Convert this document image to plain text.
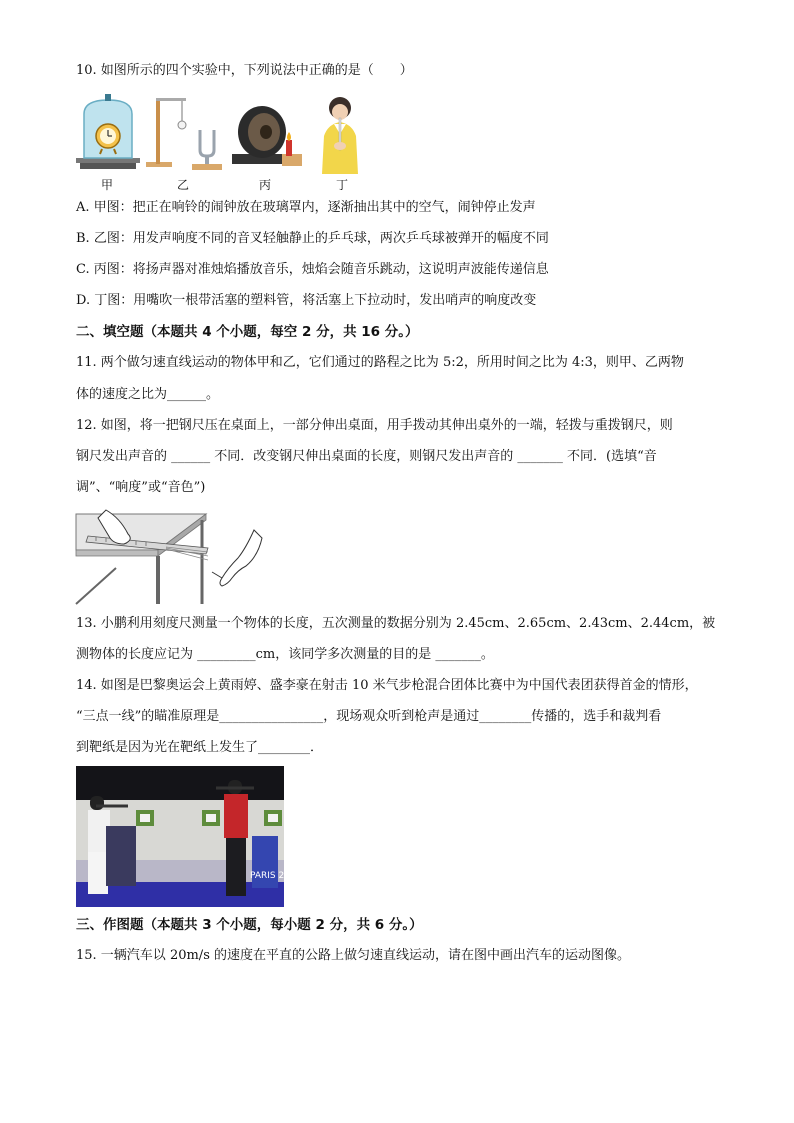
10. 如图所示的四个实验中，下列说法中正确的是（　　）
甲	乙	丙	丁
A. 甲图：把正在响铃的闹钟放在玻璃罩内，逐渐抽出其中的空气，闹钟停止发声
B. 乙图：用发声响度不同的音叉轻触静止的乒乓球，两次乒乓球被弹开的幅度不同
C. 丙图：将扬声器对准烛焰播放音乐，烛焰会随音乐跳动，这说明声波能传递信息
D. 丁图：用嘴吹一根带活塞的塑料管，将活塞上下拉动时，发出哨声的响度改变
二、填空题（本题共 4 个小题，每空 2 分，共 16 分。）
11. 两个做匀速直线运动的物体甲和乙，它们通过的路程之比为 5:2，所用时间之比为 4:3，则甲、乙两物
体的速度之比为______。
12. 如图，将一把钢尺压在桌面上，一部分伸出桌面，用手拨动其伸出桌外的一端，轻拨与重拨钢尺，则
钢尺发出声音的 ______ 不同．改变钢尺伸出桌面的长度，则钢尺发出声音的 _______ 不同．(选填“音
调”、“响度”或“音色”)
13. 小鹏利用刻度尺测量一个物体的长度，五次测量的数据分别为 2.45cm、2.65cm、2.43cm、2.44cm，被
测物体的长度应记为 _________cm，该同学多次测量的目的是 _______。
14. 如图是巴黎奥运会上黄雨婷、盛李豪在射击 10 米气步枪混合团体比赛中为中国代表团获得首金的情形，
“三点一线”的瞄准原理是________________，现场观众听到枪声是通过________传播的，选手和裁判看
到靶纸是因为光在靶纸上发生了________．
PARIS 2024
三、作图题（本题共 3 个小题，每小题 2 分，共 6 分。）
15. 一辆汽车以 20m/s 的速度在平直的公路上做匀速直线运动，请在图中画出汽车的运动图像。
